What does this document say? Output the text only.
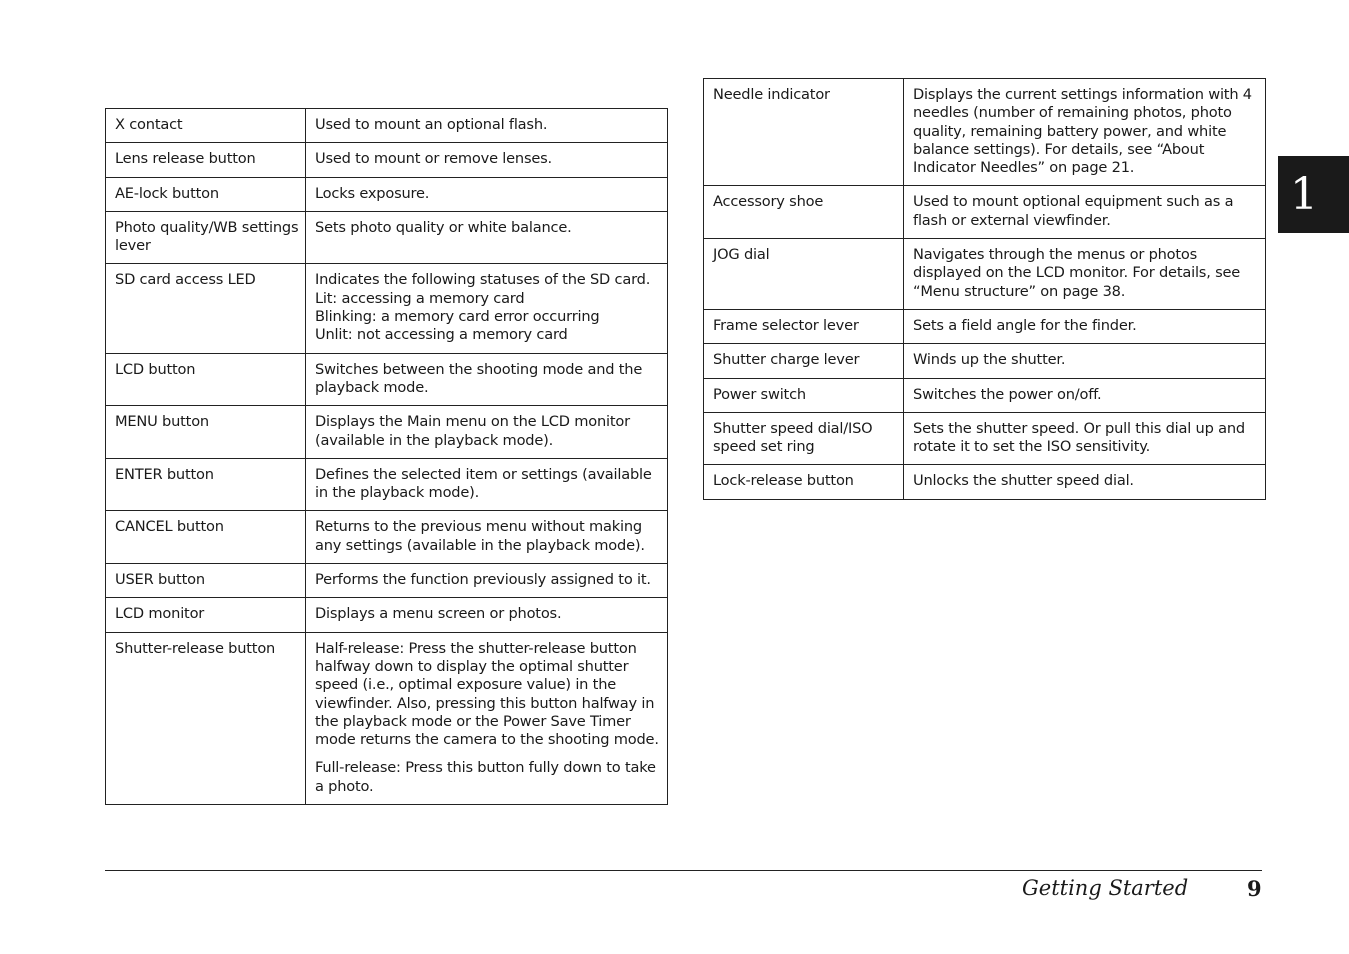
X contact	Used to mount an optional flash.

Lens release button	Used to mount or remove lenses.

AE-lock button	Locks exposure.

Photo quality/WB settings lever	Sets photo quality or white balance.

SD card access LED	Indicates the following statuses of the SD card.
Lit: accessing a memory card
Blinking: a memory card error occurring
Unlit: not accessing a memory card

LCD button	Switches between the shooting mode and the playback mode.

MENU button	Displays the Main menu on the LCD monitor (available in the playback mode).

ENTER button	Defines the selected item or settings (available in the playback mode).

CANCEL button	Returns to the previous menu without making any settings (available in the playback mode).

USER button	Performs the function previously assigned to it.

LCD monitor	Displays a menu screen or photos.

Shutter-release button	Half-release: Press the shutter-release button halfway down to display the optimal shutter speed (i.e., optimal exposure value) in the viewfinder. Also, pressing this button halfway in the playback mode or the Power Save Timer mode returns the camera to the shooting mode.
Full-release: Press this button fully down to take a photo.
Needle indicator	Displays the current settings information with 4 needles (number of remaining photos, photo quality, remaining battery power, and white balance settings). For details, see “About Indicator Needles” on page 21.

Accessory shoe	Used to mount optional equipment such as a flash or external viewfinder.

JOG dial	Navigates through the menus or photos displayed on the LCD monitor. For details, see “Menu structure” on page 38.

Frame selector lever	Sets a field angle for the finder.

Shutter charge lever	Winds up the shutter.

Power switch	Switches the power on/off.

Shutter speed dial/ISO speed set ring	Sets the shutter speed. Or pull this dial up and rotate it to set the ISO sensitivity.

Lock-release button	Unlocks the shutter speed dial.
1
Getting Started	9
